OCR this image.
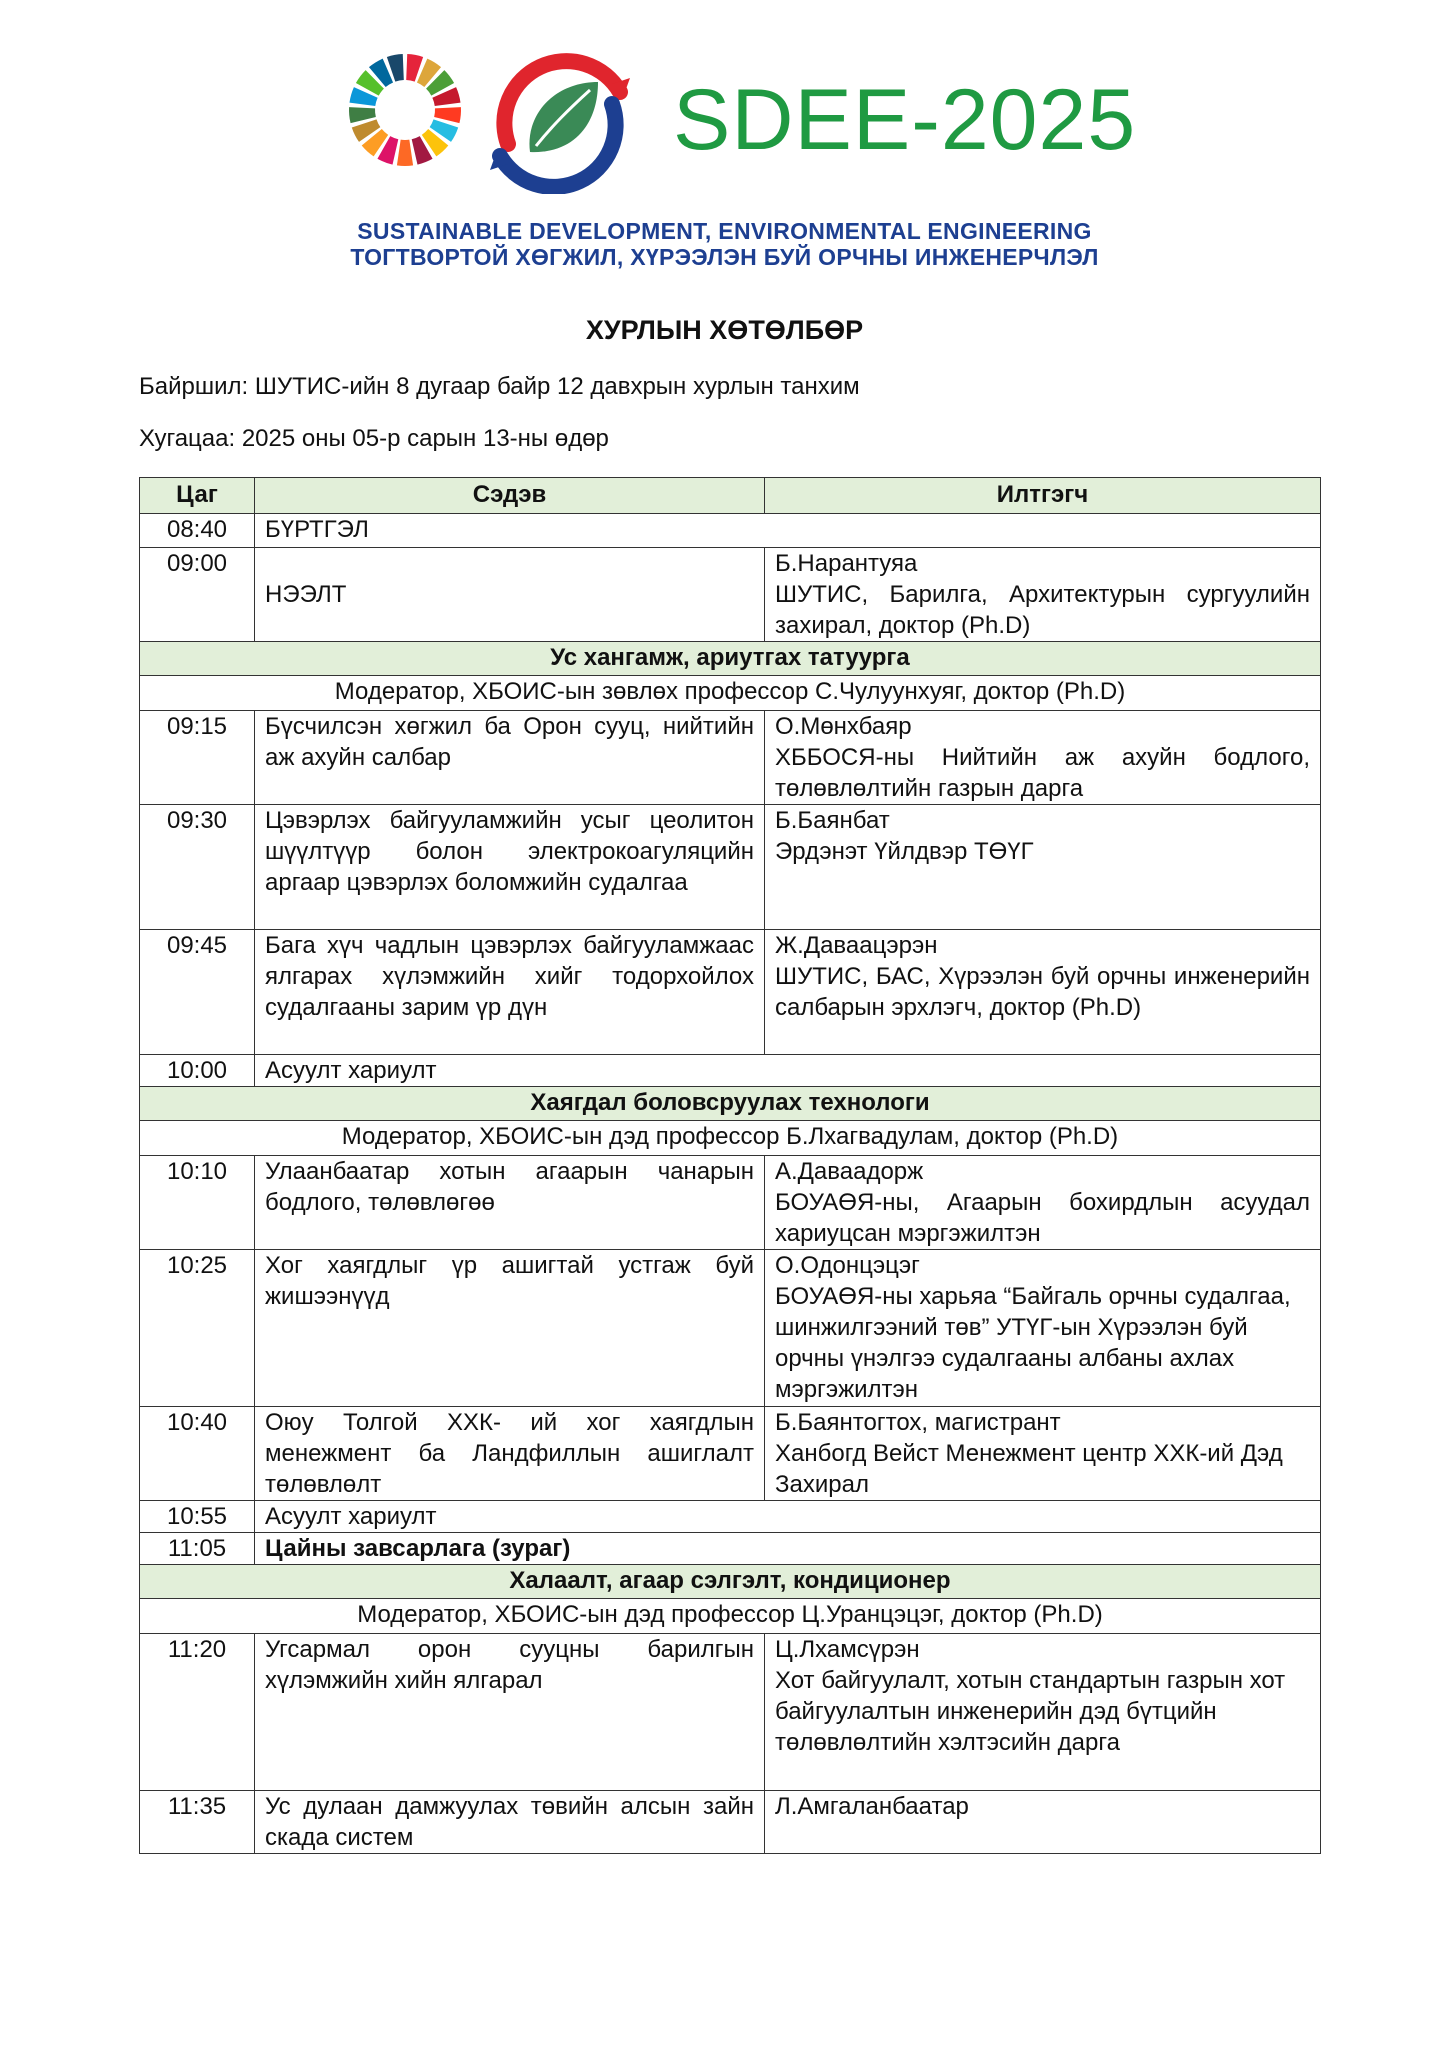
SDEE-2025
SUSTAINABLE DEVELOPMENT, ENVIRONMENTAL ENGINEERING
ТОГТВОРТОЙ ХӨГЖИЛ, ХҮРЭЭЛЭН БУЙ ОРЧНЫ ИНЖЕНЕРЧЛЭЛ
ХУРЛЫН ХӨТӨЛБӨР
Байршил: ШУТИС-ийн 8 дугаар байр 12 давхрын хурлын танхим
Хугацаа: 2025 оны 05-р сарын 13-ны өдөр
Цаг	Сэдэв	Илтгэгч
08:40	БҮРТГЭЛ	
09:00	НЭЭЛТ	Б.Нарантуяа
ШУТИС, Барилга, Архитектурын сургуулийн захирал, доктор (Ph.D)

Ус хангамж, ариутгах татуурга		
Модератор, ХБОИС-ын зөвлөх профессор С.Чулуунхуяг, доктор (Ph.D)		
09:15	Бүсчилсэн хөгжил ба Орон сууц, нийтийн аж ахуйн салбар	О.Мөнхбаяр
ХББОСЯ-ны Нийтийн аж ахуйн бодлого, төлөвлөлтийн газрын дарга

09:30	Цэвэрлэх байгууламжийн усыг цеолитон шүүлтүүр болон электрокоагуляцийн аргаар цэвэрлэх боломжийн судалгаа	Б.Баянбат
Эрдэнэт Үйлдвэр ТӨҮГ

09:45	Бага хүч чадлын цэвэрлэх байгууламжаас ялгарах хүлэмжийн хийг тодорхойлох судалгааны зарим үр дүн	Ж.Даваацэрэн
ШУТИС, БАС, Хүрээлэн буй орчны инженерийн салбарын эрхлэгч, доктор (Ph.D)

10:00	Асуулт хариулт	
Хаягдал боловсруулах технологи		
Модератор, ХБОИС-ын дэд профессор Б.Лхагвадулам, доктор (Ph.D)		
10:10	Улаанбаатар хотын агаарын чанарын бодлого, төлөвлөгөө	А.Даваадорж
БОУАӨЯ-ны, Агаарын бохирдлын асуудал хариуцсан мэргэжилтэн

10:25	Хог хаягдлыг үр ашигтай устгаж буй жишээнүүд	О.Одонцэцэг
БОУАӨЯ-ны харьяа “Байгаль орчны судалгаа, шинжилгээний төв” УТҮГ-ын Хүрээлэн буй орчны үнэлгээ судалгааны албаны ахлах мэргэжилтэн

10:40	Оюу Толгой ХХК- ий хог хаягдлын менежмент ба Ландфиллын ашиглалт төлөвлөлт	Б.Баянтогтох, магистрант
Ханбогд Вейст Менежмент центр ХХК-ий Дэд Захирал

10:55	Асуулт хариулт	
11:05	Цайны завсарлага (зураг)	
Халаалт, агаар сэлгэлт, кондиционер		
Модератор, ХБОИС-ын дэд профессор Ц.Уранцэцэг, доктор (Ph.D)		
11:20	Угсармал орон сууцны барилгын хүлэмжийн хийн ялгарал	Ц.Лхамсүрэн
Хот байгуулалт, хотын стандартын газрын хот байгуулалтын инженерийн дэд бүтцийн төлөвлөлтийн хэлтэсийн дарга

11:35	Ус дулаан дамжуулах төвийн алсын зайн скада систем	Л.Амгаланбаатар
